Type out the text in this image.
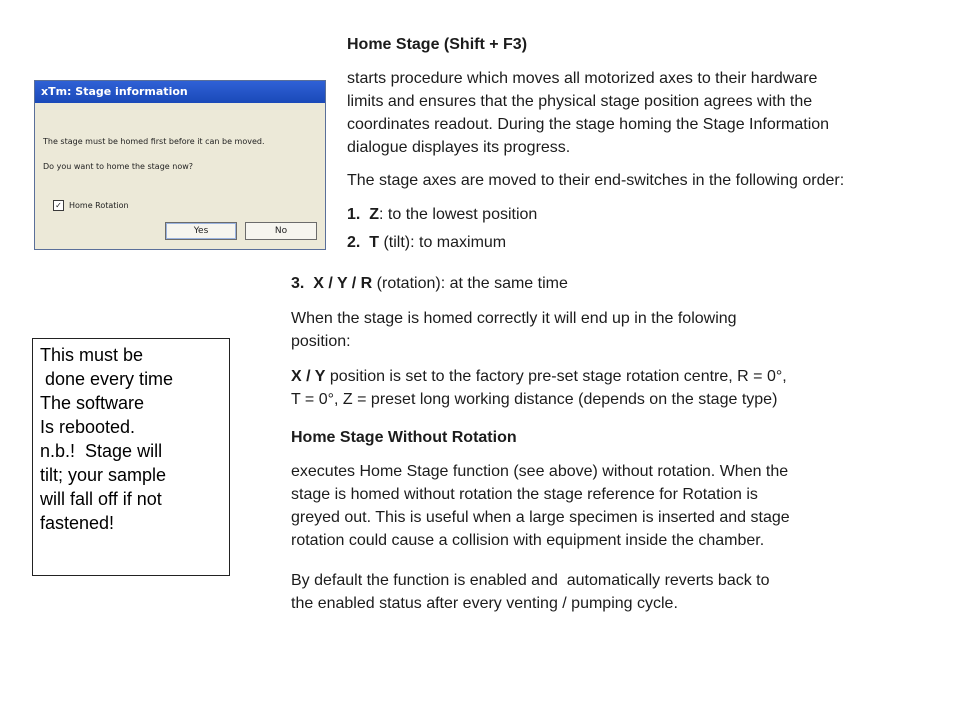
xTm: Stage information
The stage must be homed first before it can be moved.
Do you want to home the stage now?
✓ Home Rotation
Yes	No
Home Stage (Shift + F3)
starts procedure which moves all motorized axes to their hardware
limits and ensures that the physical stage position agrees with the
coordinates readout. During the stage homing the Stage Information
dialogue displayes its progress.
The stage axes are moved to their end-switches in the following order:
1. Z: to the lowest position
2. T (tilt): to maximum
3. X / Y / R (rotation): at the same time
When the stage is homed correctly it will end up in the folowing
position:
X / Y position is set to the factory pre-set stage rotation centre, R = 0°,
T = 0°, Z = preset long working distance (depends on the stage type)
Home Stage Without Rotation
executes Home Stage function (see above) without rotation. When the
stage is homed without rotation the stage reference for Rotation is
greyed out. This is useful when a large specimen is inserted and stage
rotation could cause a collision with equipment inside the chamber.
By default the function is enabled and  automatically reverts back to
the enabled status after every venting / pumping cycle.
This must be
done every time
The software
Is rebooted.
n.b.!  Stage will
tilt; your sample
will fall off if not
fastened!
